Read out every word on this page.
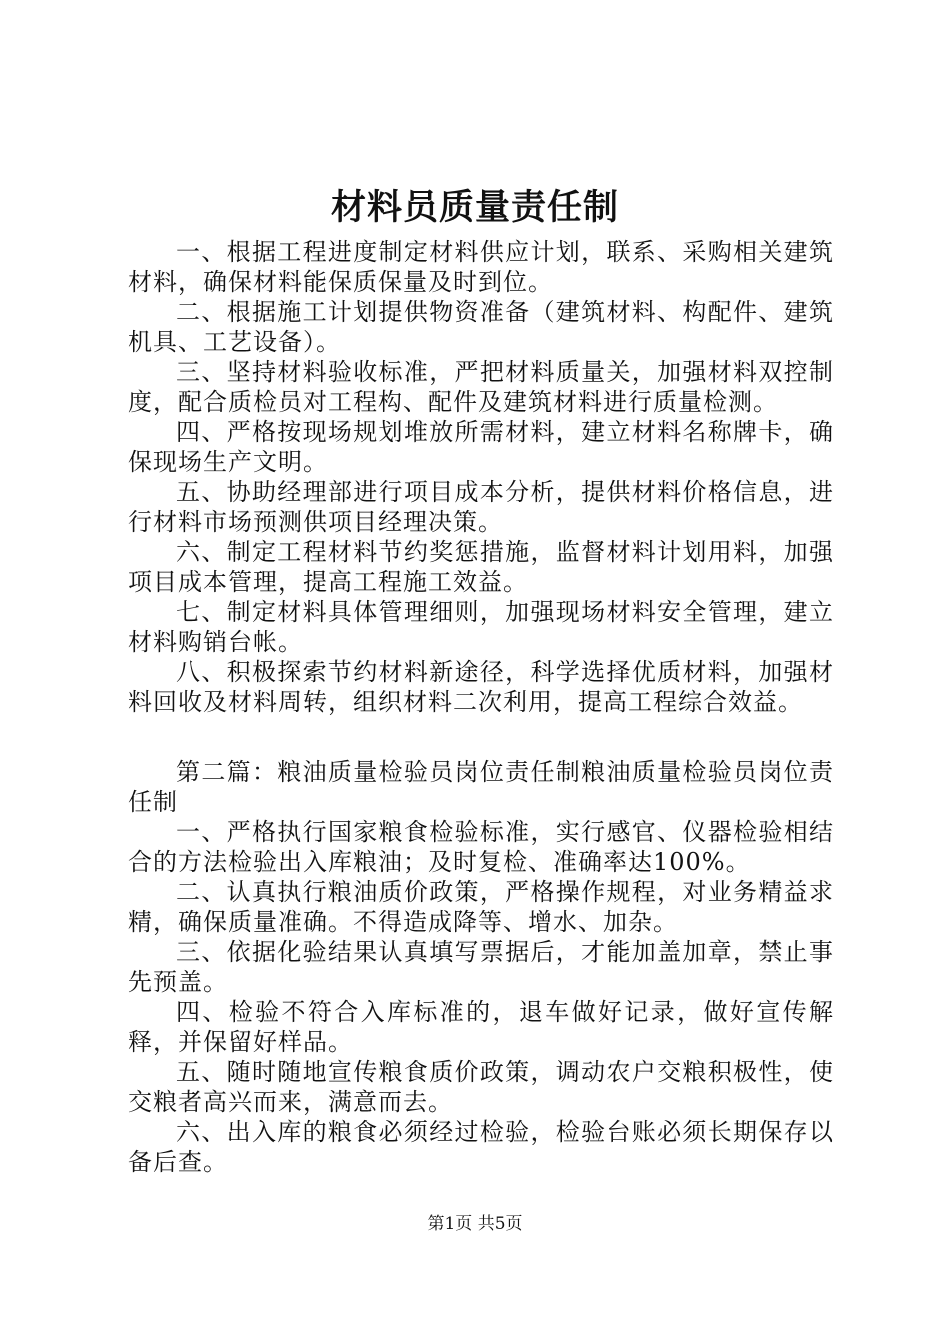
材料员质量责任制

一、根据工程进度制定材料供应计划，联系、采购相关建筑材料，确保材料能保质保量及时到位。

二、根据施工计划提供物资准备（建筑材料、构配件、建筑机具、工艺设备）。

三、坚持材料验收标准，严把材料质量关，加强材料双控制度，配合质检员对工程构、配件及建筑材料进行质量检测。

四、严格按现场规划堆放所需材料，建立材料名称牌卡，确保现场生产文明。

五、协助经理部进行项目成本分析，提供材料价格信息，进行材料市场预测供项目经理决策。

六、制定工程材料节约奖惩措施，监督材料计划用料，加强项目成本管理，提高工程施工效益。

七、制定材料具体管理细则，加强现场材料安全管理，建立材料购销台帐。

八、积极探索节约材料新途径，科学选择优质材料，加强材料回收及材料周转，组织材料二次利用，提高工程综合效益。

第二篇：粮油质量检验员岗位责任制粮油质量检验员岗位责任制

一、严格执行国家粮食检验标准，实行感官、仪器检验相结合的方法检验出入库粮油；及时复检、准确率达100%。

二、认真执行粮油质价政策，严格操作规程，对业务精益求精，确保质量准确。不得造成降等、增水、加杂。

三、依据化验结果认真填写票据后，才能加盖加章，禁止事先预盖。

四、检验不符合入库标准的，退车做好记录，做好宣传解释，并保留好样品。

五、随时随地宣传粮食质价政策，调动农户交粮积极性，使交粮者高兴而来，满意而去。

六、出入库的粮食必须经过检验，检验台账必须长期保存以备后查。

第1页 共5页
